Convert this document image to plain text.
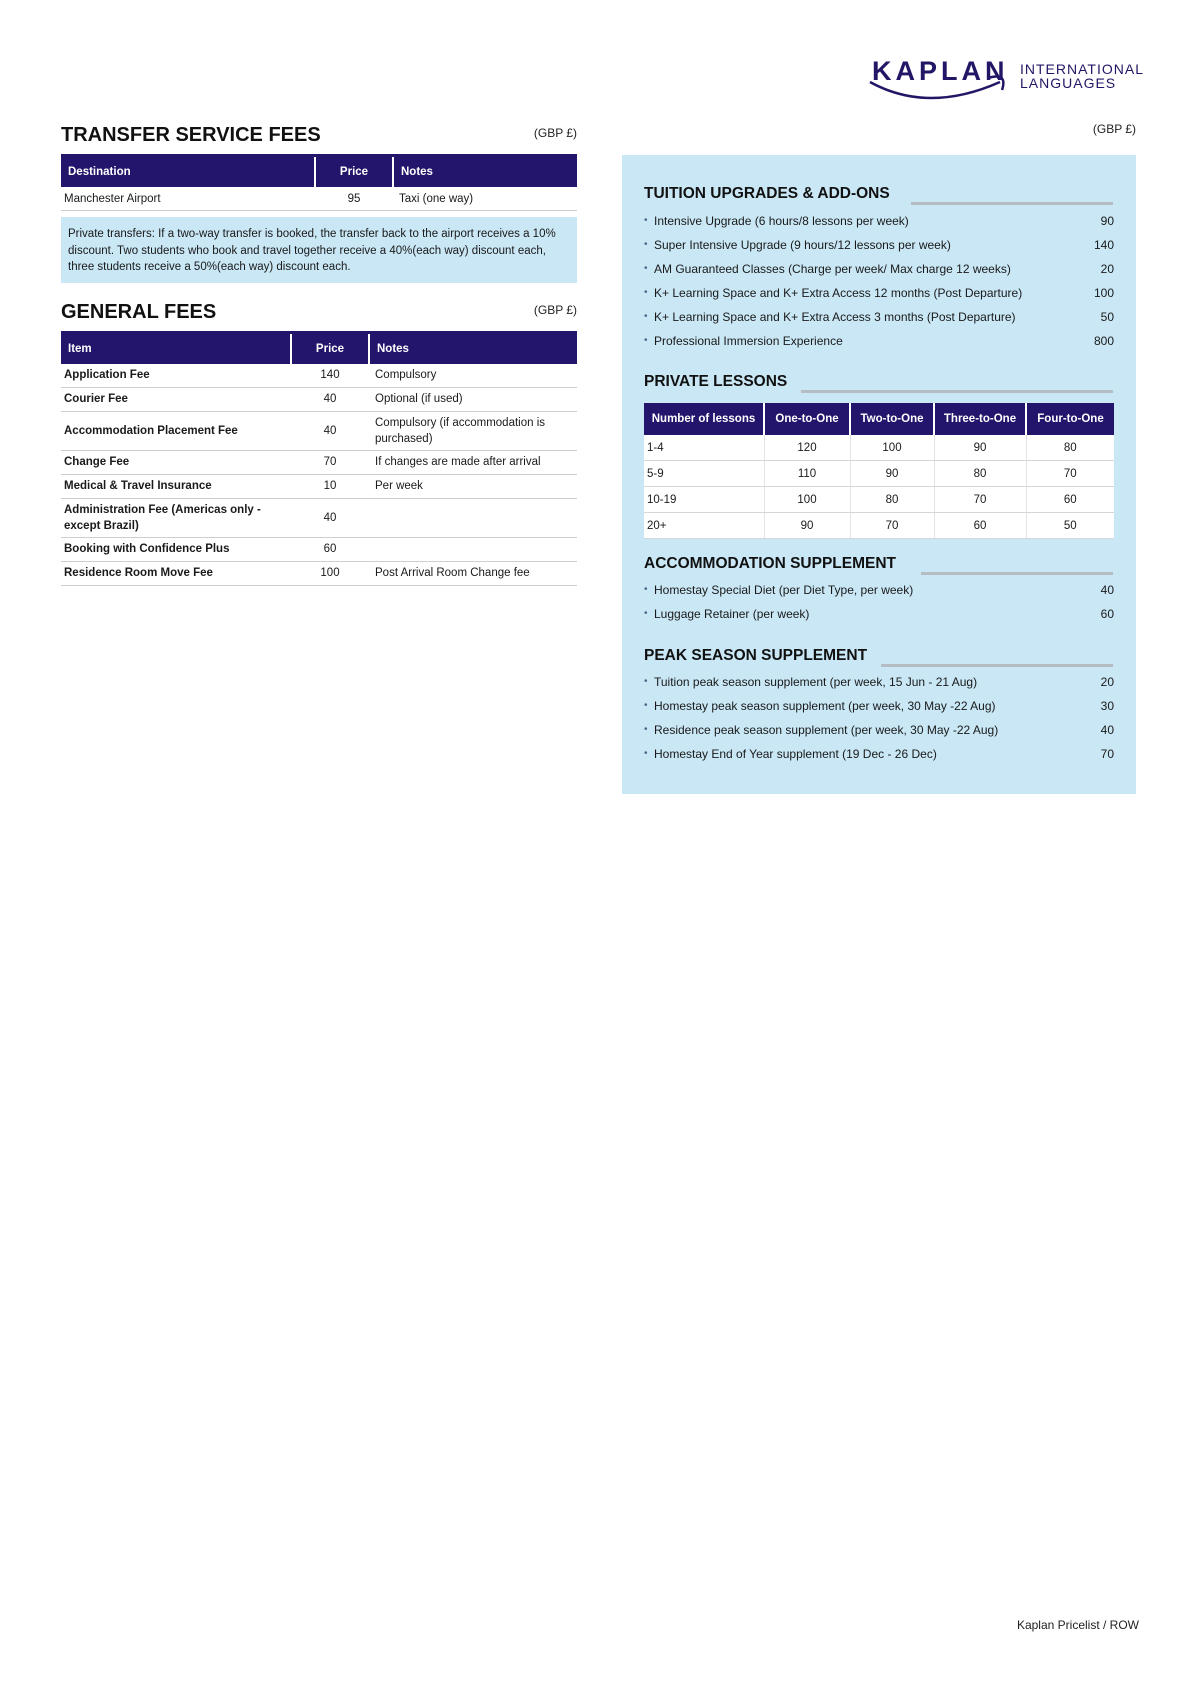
KAPLAN INTERNATIONAL
LANGUAGES
TRANSFER SERVICE FEES	(GBP £)
Destination	Price	Notes
Manchester Airport	95	Taxi (one way)
Private transfers: If a two-way transfer is booked, the transfer back to the airport receives a 10% discount. Two students who book and travel together receive a 40%(each way) discount each, three students receive a 50%(each way) discount each.
GENERAL FEES	(GBP £)
Item	Price	Notes
Application Fee	140	Compulsory
Courier Fee	40	Optional (if used)
Accommodation Placement Fee	40	Compulsory (if accommodation is purchased)
Change Fee	70	If changes are made after arrival
Medical & Travel Insurance	10	Per week
Administration Fee (Americas only - except Brazil)	40	
Booking with Confidence Plus	60	
Residence Room Move Fee	100	Post Arrival Room Change fee
(GBP £)
TUITION UPGRADES & ADD-ONS
• Intensive Upgrade (6 hours/8 lessons per week)	90
• Super Intensive Upgrade (9 hours/12 lessons per week)	140
• AM Guaranteed Classes (Charge per week/ Max charge 12 weeks)	20
• K+ Learning Space and K+ Extra Access 12 months (Post Departure)	100
• K+ Learning Space and K+ Extra Access 3 months (Post Departure)	50
• Professional Immersion Experience	800
PRIVATE LESSONS
Number of lessons	One-to-One	Two-to-One	Three-to-One	Four-to-One
1-4	120	100	90	80
5-9	110	90	80	70
10-19	100	80	70	60
20+	90	70	60	50
ACCOMMODATION SUPPLEMENT
• Homestay Special Diet (per Diet Type, per week)	40
• Luggage Retainer (per week)	60
PEAK SEASON SUPPLEMENT
• Tuition peak season supplement (per week, 15 Jun - 21 Aug)	20
• Homestay peak season supplement (per week, 30 May -22 Aug)	30
• Residence peak season supplement (per week, 30 May -22 Aug)	40
• Homestay End of Year supplement (19 Dec - 26 Dec)	70
Kaplan Pricelist / ROW
